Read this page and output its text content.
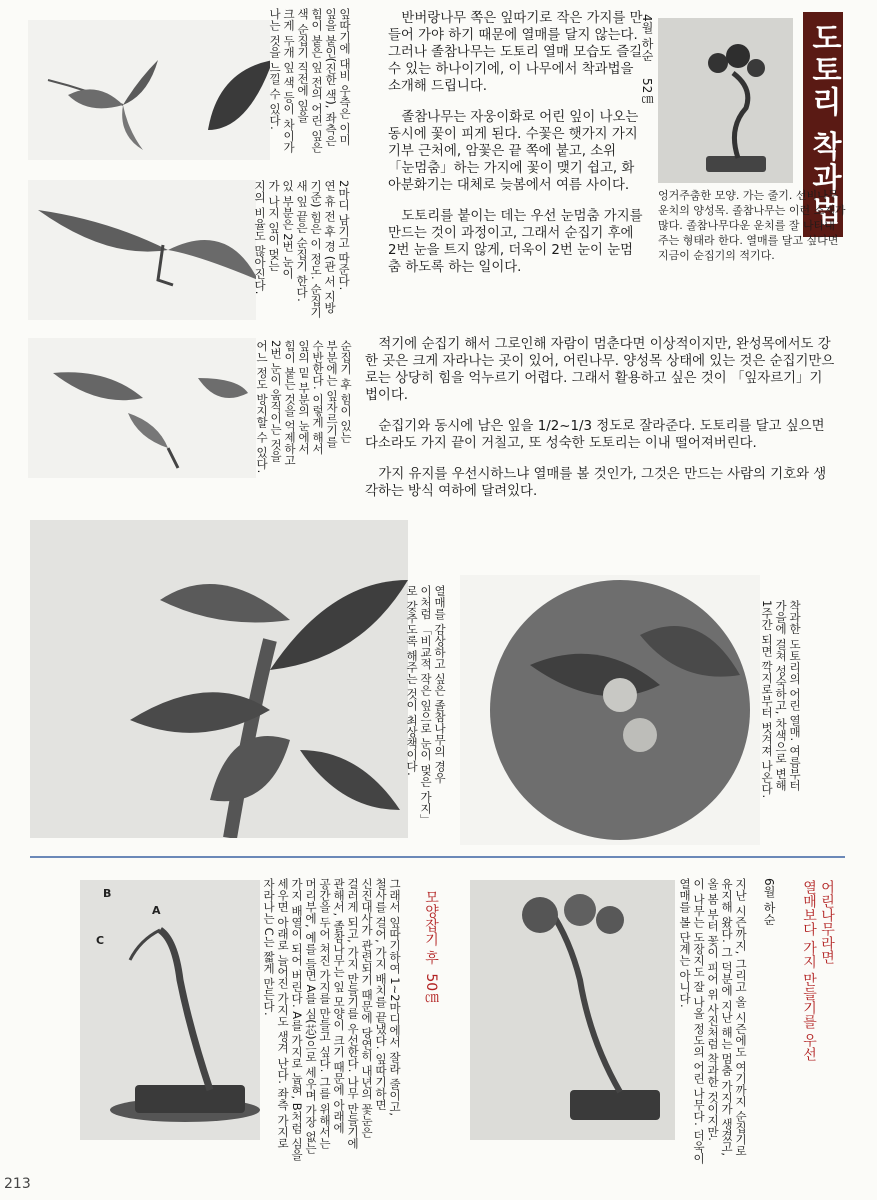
도토리 착과법
잎따기에 대비 우측은 이미
잎을 붙인(진한 색), 좌측은
힘이 붙은 잎 전의 어린 잎은
색 순집기 직전에 잎을
크게 두개 잎 색 등이 차이가
나는 것을 느낄 수 있다.
2마디 남기고 따준다.
연 휴 전 후 경 (관 서 지방
기준) 힘은 이 정도. 순집기
새 잎 끝은 순집기 한다.
있 부분은 2번 눈이
가 나지 잎이 멎는
지의 비율도 많아진다.
순집기 후 힘이 있는
부분에는 잎자르기를
수반한다. 이렇게 해서
잎의 밑 부분의 눈에서
힘이 붙는 것을 억제하고
2번 눈이 움직이는 것을
어느 정도 방지할 수 있다.

반버랑나무 쪽은 잎따기로 작은 가지를 만들어 가야 하기 때문에 열매를 달지 않는다. 그러나 졸참나무는 도토리 열매 모습도 즐길 수 있는 하나이기에, 이 나무에서 착과법을 소개해 드립니다.

졸참나무는 자웅이화로 어린 잎이 나오는 동시에 꽃이 피게 된다. 수꽃은 햇가지 가지 기부 근처에, 암꽃은 끝 쪽에 붙고, 소위 「눈멈춤」하는 가지에 꽃이 맺기 쉽고, 화아분화기는 대체로 늦봄에서 여름 사이다.

도토리를 붙이는 데는 우선 눈멈춤 가지를 만드는 것이 과정이고, 그래서 순집기 후에 2번 눈을 트지 않게, 더욱이 2번 눈이 눈멈춤 하도록 하는 일이다.

4월 하순
52㎝
엉거주춤한 모양. 가는 줄기. 선비나무 운치의 양성목. 졸참나무는 이런 소재가 많다. 졸참나무다운 운치를 잘 나타내 주는 형태라 한다. 열매를 달고 싶다면 지금이 순집기의 적기다.

적기에 순집기 해서 그로인해 자람이 멈춘다면 이상적이지만, 완성목에서도 강한 곳은 크게 자라나는 곳이 있어, 어린나무. 양성목 상태에 있는 것은 순집기만으로는 상당히 힘을 억누르기 어렵다. 그래서 활용하고 싶은 것이 「잎자르기」기법이다.

순집기와 동시에 남은 잎을 1/2~1/3 정도로 잘라준다. 도토리를 달고 싶으면 다소라도 가지 끝이 거칠고, 또 성숙한 도토리는 이내 떨어져버린다.

가지 유지를 우선시하느냐 열매를 볼 것인가, 그것은 만드는 사람의 기호와 생각하는 방식 여하에 달려있다.

열매를 감상하고 싶은 졸참나무의 경우
이처럼 「비교적 작은 잎으로 눈이 멎은 가지」
로 갖추도록 해주는 것이 최상책이다.
착과한 도토리의 어린 열매. 여름부터
가을에 걸쳐 성숙하고, 차색으로 변해
1주간 되면 깍지로부터 벗겨져 나온다.
A
B
C	모양잡기 후  50㎝
그래서 잎따기하여 1~2마디에서 잘라 줄이고,
철사를 걸어, 가지 배치를 끝냈다. 잎따기하면
신진대사가 관련되기 때문에 당연히 내년의 꽃눈은
걸러게 되고, 가지 만들기를 우선한다. 나무 만들기에
관해서, 졸참나무는 잎 모양이 크기 때문에 아래에
공간을 두어 쳐진 가지를 만들고 싶다. 그를 위해서는
머리부에, 예를 들면 A를 심(芯)으로 세우며 가장 없는
가지 배열이 되어 버린다. A를 가지로 눕혀, B처럼 심을
세우면 아래로 늘어진 가지도 생겨 난다. 좌측 가지로
자라나는 C는 짧게 만든다.
6월 하순
지난 시즌까지, 그리고 올 시즌에도 여기까지 순집기로
유지해 왔다. 그 덕분에 지난 해는 멈춤 가지가 생겼고,
올 봄 부터 꽃이 피어 위 사진처럼 착과한 것이지만.
이 나무는 도장지도 잘 나올 정도의 어린 나무다. 더욱이
열매를 볼 단계는 아니다.
어린나무라면
열매보다 가지 만들기를 우선
213
